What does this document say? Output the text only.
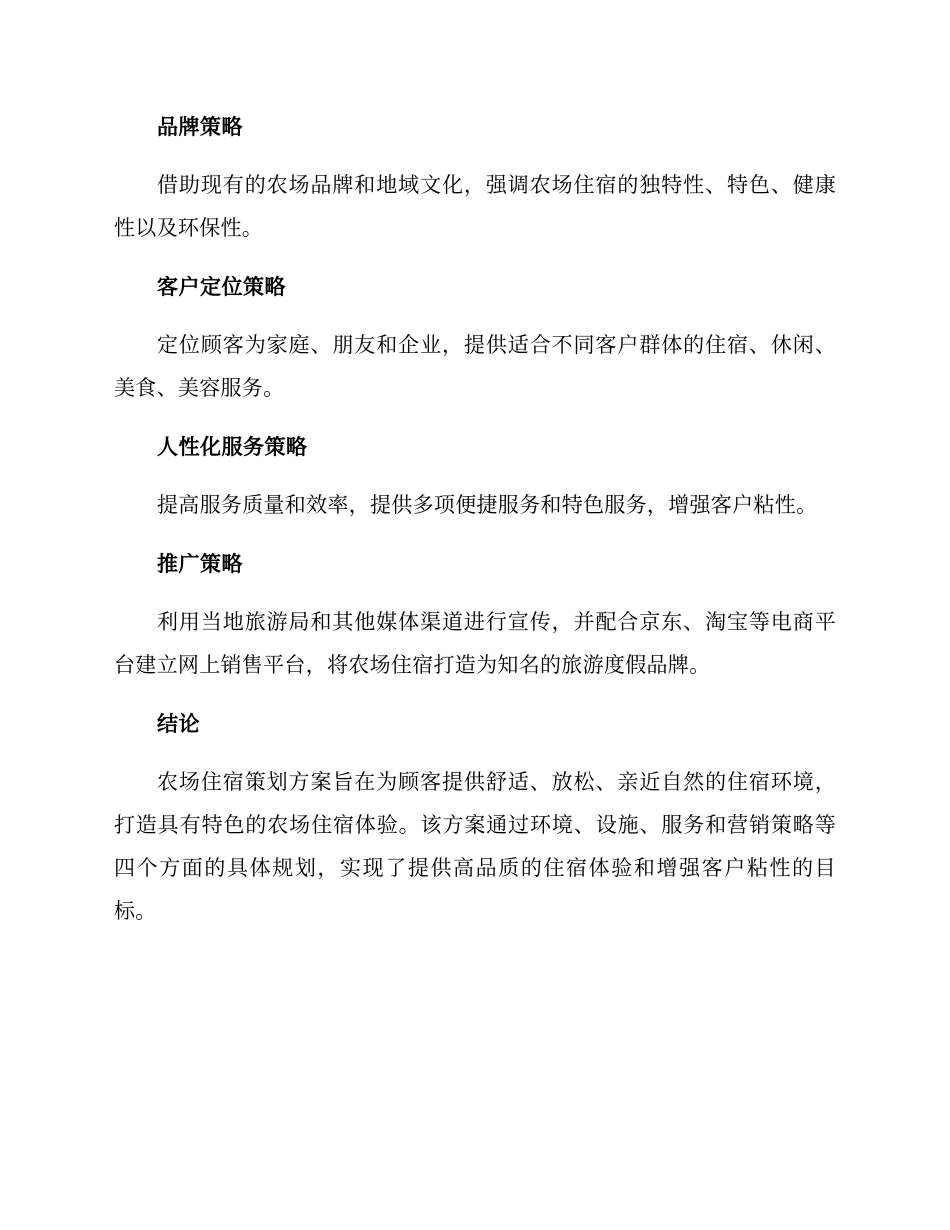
品牌策略

借助现有的农场品牌和地域文化，强调农场住宿的独特性、特色、健康性以及环保性。

客户定位策略

定位顾客为家庭、朋友和企业，提供适合不同客户群体的住宿、休闲、美食、美容服务。

人性化服务策略

提高服务质量和效率，提供多项便捷服务和特色服务，增强客户粘性。

推广策略

利用当地旅游局和其他媒体渠道进行宣传，并配合京东、淘宝等电商平台建立网上销售平台，将农场住宿打造为知名的旅游度假品牌。

结论

农场住宿策划方案旨在为顾客提供舒适、放松、亲近自然的住宿环境，打造具有特色的农场住宿体验。该方案通过环境、设施、服务和营销策略等四个方面的具体规划，实现了提供高品质的住宿体验和增强客户粘性的目标。
